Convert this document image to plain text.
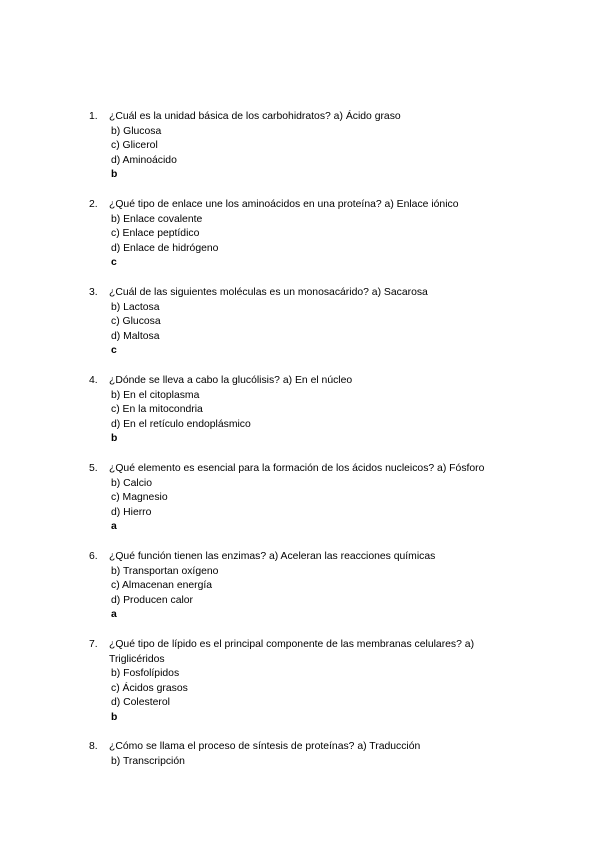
1.	¿Cuál es la unidad básica de los carbohidratos? a) Ácido graso
b) Glucosa
c) Glicerol
d) Aminoácido
b
2.	¿Qué tipo de enlace une los aminoácidos en una proteína? a) Enlace iónico
b) Enlace covalente
c) Enlace peptídico
d) Enlace de hidrógeno
c
3.	¿Cuál de las siguientes moléculas es un monosacárido? a) Sacarosa
b) Lactosa
c) Glucosa
d) Maltosa
c
4.	¿Dónde se lleva a cabo la glucólisis? a) En el núcleo
b) En el citoplasma
c) En la mitocondria
d) En el retículo endoplásmico
b
5.	¿Qué elemento es esencial para la formación de los ácidos nucleicos? a) Fósforo
b) Calcio
c) Magnesio
d) Hierro
a
6.	¿Qué función tienen las enzimas? a) Aceleran las reacciones químicas
b) Transportan oxígeno
c) Almacenan energía
d) Producen calor
a
7.	¿Qué tipo de lípido es el principal componente de las membranas celulares? a) Triglicéridos
b) Fosfolípidos
c) Ácidos grasos
d) Colesterol
b
8.	¿Cómo se llama el proceso de síntesis de proteínas? a) Traducción
b) Transcripción
